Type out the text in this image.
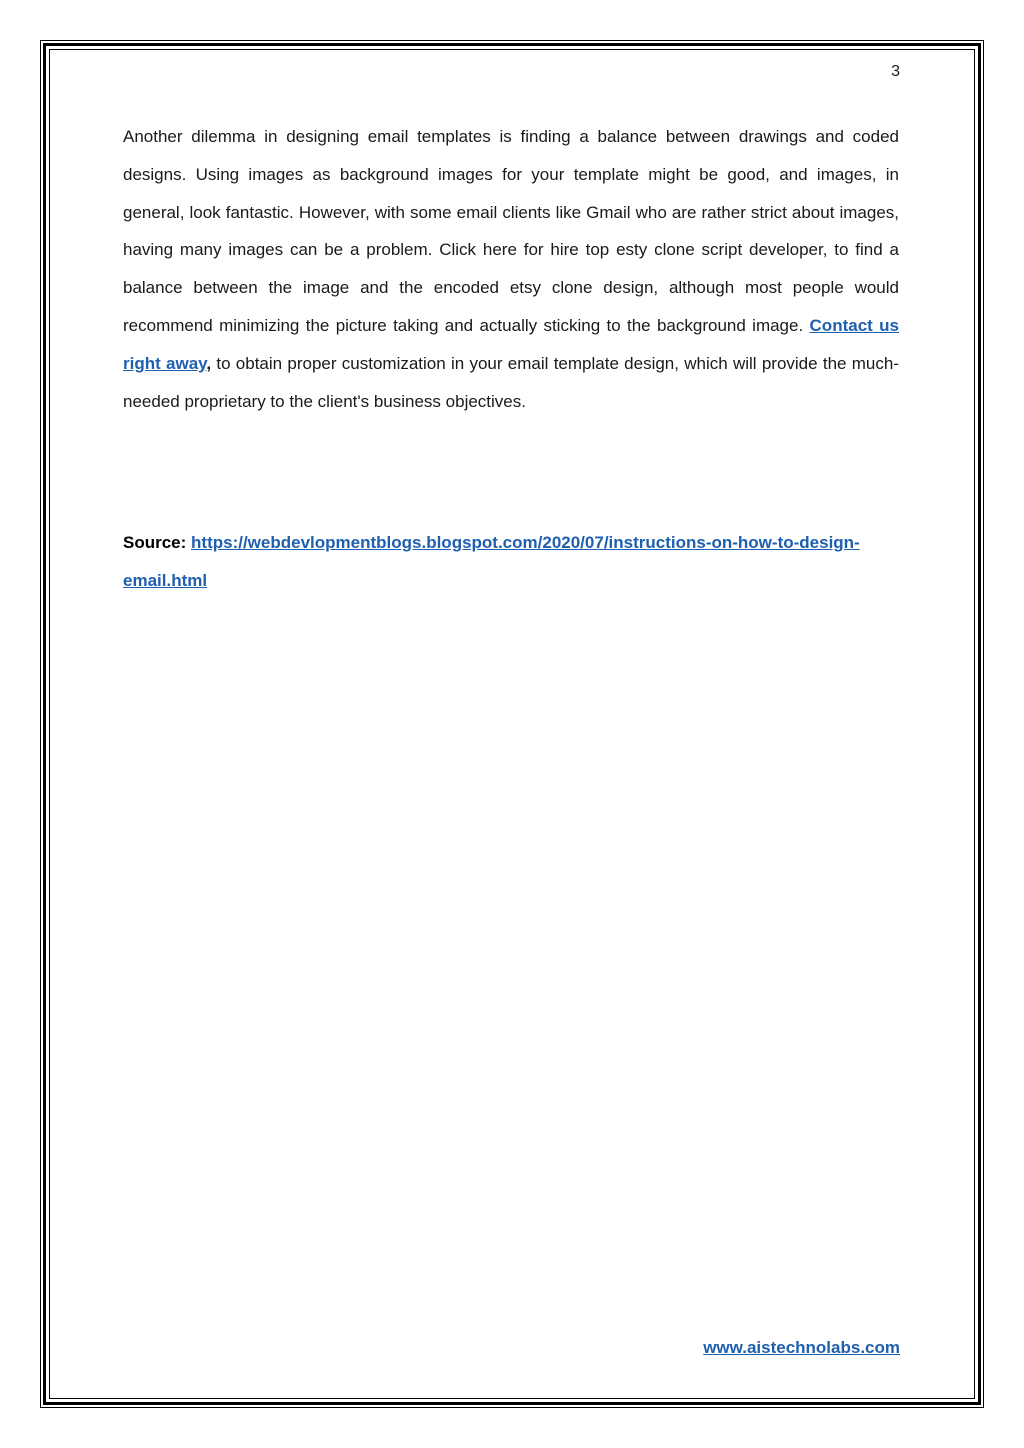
3

Another dilemma in designing email templates is finding a balance between drawings and coded designs. Using images as background images for your template might be good, and images, in general, look fantastic. However, with some email clients like Gmail who are rather strict about images, having many images can be a problem. Click here for hire top esty clone script developer, to find a balance between the image and the encoded etsy clone design, although most people would recommend minimizing the picture taking and actually sticking to the background image. Contact us right away, to obtain proper customization in your email template design, which will provide the much-needed proprietary to the client's business objectives.

Source: https://webdevlopmentblogs.blogspot.com/2020/07/instructions-on-how-to-design-email.html

www.aistechnolabs.com
